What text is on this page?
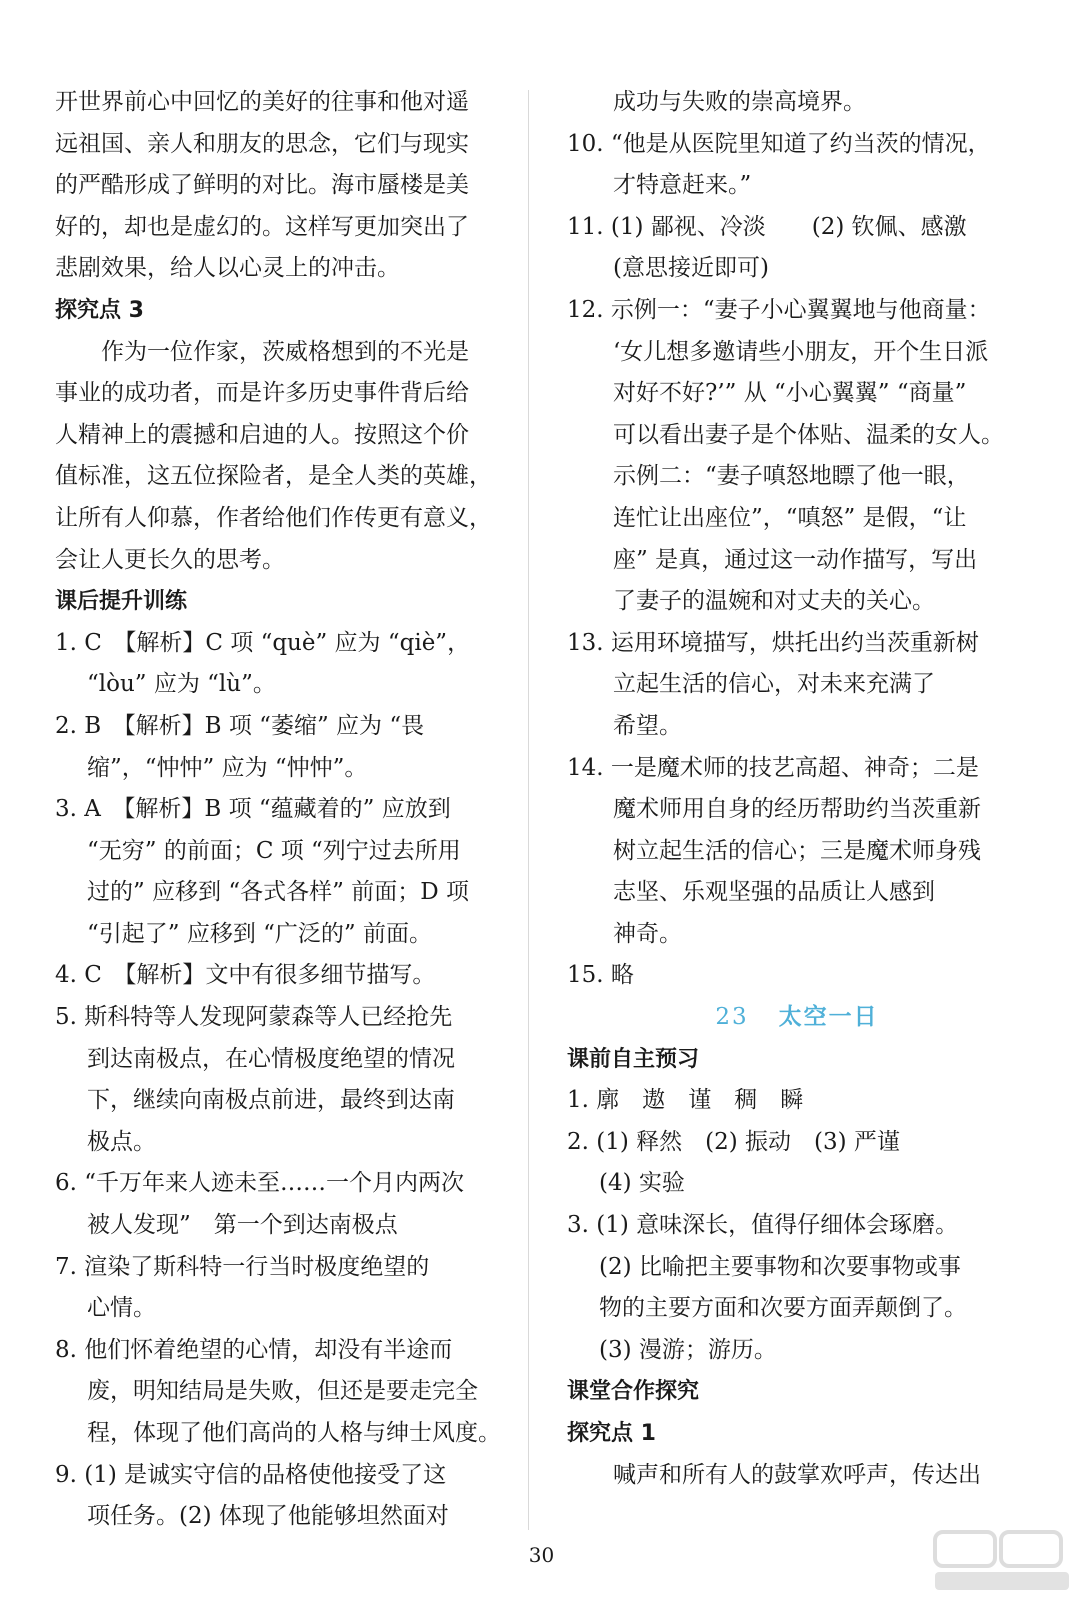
开世界前心中回忆的美好的往事和他对遥
远祖国、亲人和朋友的思念，它们与现实
的严酷形成了鲜明的对比。海市蜃楼是美
好的，却也是虚幻的。这样写更加突出了
悲剧效果，给人以心灵上的冲击。
探究点 3
作为一位作家，茨威格想到的不光是
事业的成功者，而是许多历史事件背后给
人精神上的震撼和启迪的人。按照这个价
值标准，这五位探险者，是全人类的英雄，
让所有人仰慕，作者给他们作传更有意义，
会让人更长久的思考。
课后提升训练
1. C　【解析】C 项 “què” 应为 “qiè”，
“lòu” 应为 “lù”。
2. B　【解析】B 项 “萎缩” 应为 “畏
缩”，“忡忡” 应为 “忡忡”。
3. A　【解析】B 项 “蕴藏着的” 应放到
“无穷” 的前面；C 项 “列宁过去所用
过的” 应移到 “各式各样” 前面；D 项
“引起了” 应移到 “广泛的” 前面。
4. C　【解析】文中有很多细节描写。
5. 斯科特等人发现阿蒙森等人已经抢先
到达南极点，在心情极度绝望的情况
下，继续向南极点前进，最终到达南
极点。
6. “千万年来人迹未至……一个月内两次
被人发现”　第一个到达南极点
7. 渲染了斯科特一行当时极度绝望的
心情。
8. 他们怀着绝望的心情，却没有半途而
废，明知结局是失败，但还是要走完全
程，体现了他们高尚的人格与绅士风度。
9. (1) 是诚实守信的品格使他接受了这
项任务。(2) 体现了他能够坦然面对
成功与失败的崇高境界。
10. “他是从医院里知道了约当茨的情况，
才特意赶来。”
11. (1) 鄙视、冷淡　　(2) 钦佩、感激
(意思接近即可)
12. 示例一：“妻子小心翼翼地与他商量：
‘女儿想多邀请些小朋友，开个生日派
对好不好?’” 从 “小心翼翼” “商量”
可以看出妻子是个体贴、温柔的女人。
示例二：“妻子嗔怒地瞟了他一眼，
连忙让出座位”，“嗔怒” 是假，“让
座” 是真，通过这一动作描写，写出
了妻子的温婉和对丈夫的关心。
13. 运用环境描写，烘托出约当茨重新树
立起生活的信心，对未来充满了
希望。
14. 一是魔术师的技艺高超、神奇；二是
魔术师用自身的经历帮助约当茨重新
树立起生活的信心；三是魔术师身残
志坚、乐观坚强的品质让人感到
神奇。
15. 略
23 太空一日
课前自主预习
1. 廓　遨　谨　稠　瞬
2. (1) 释然　(2) 振动　(3) 严谨
(4) 实验
3. (1) 意味深长，值得仔细体会琢磨。
(2) 比喻把主要事物和次要事物或事
物的主要方面和次要方面弄颠倒了。
(3) 漫游；游历。
课堂合作探究
探究点 1
喊声和所有人的鼓掌欢呼声，传达出
30
